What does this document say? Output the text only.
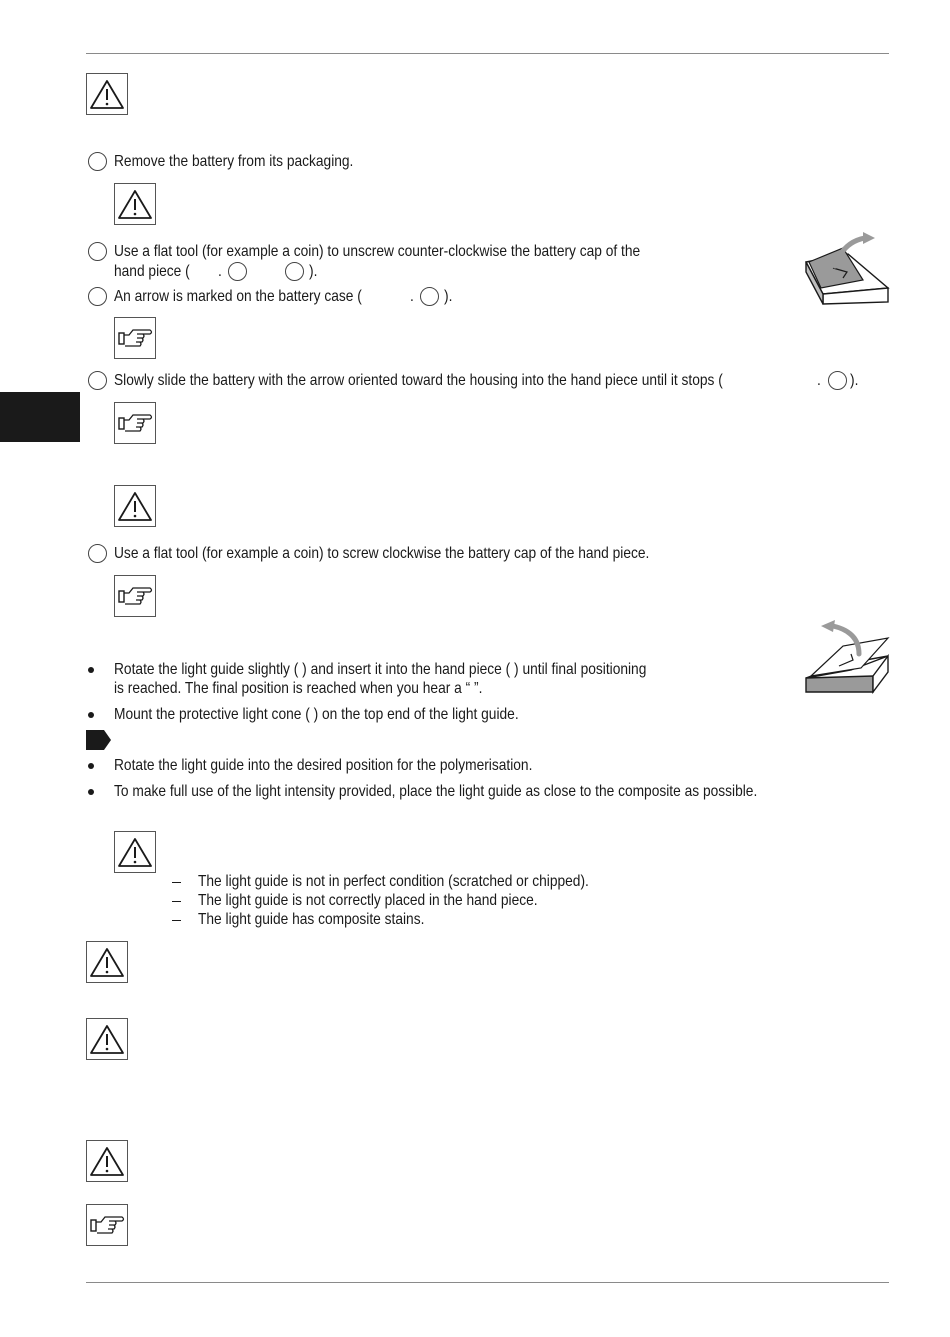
Remove the battery from its packaging.
Use a flat tool (for example a coin) to unscrew counter-clockwise the battery cap of the
hand piece ( .	).
An arrow is marked on the battery case (	. ).
Slowly slide the battery with the arrow oriented toward the housing into the hand piece until it stops (	. ).
Use a flat tool (for example a coin) to screw clockwise the battery cap of the hand piece.
Rotate the light guide slightly ( ) and insert it into the hand piece ( ) until final positioning
is reached. The final position is reached when you hear a “ ”.
Mount the protective light cone ( ) on the top end of the light guide.
Rotate the light guide into the desired position for the polymerisation.
To make full use of the light intensity provided, place the light guide as close to the composite as possible.
The light guide is not in perfect condition (scratched or chipped).
The light guide is not correctly placed in the hand piece.
The light guide has composite stains.
